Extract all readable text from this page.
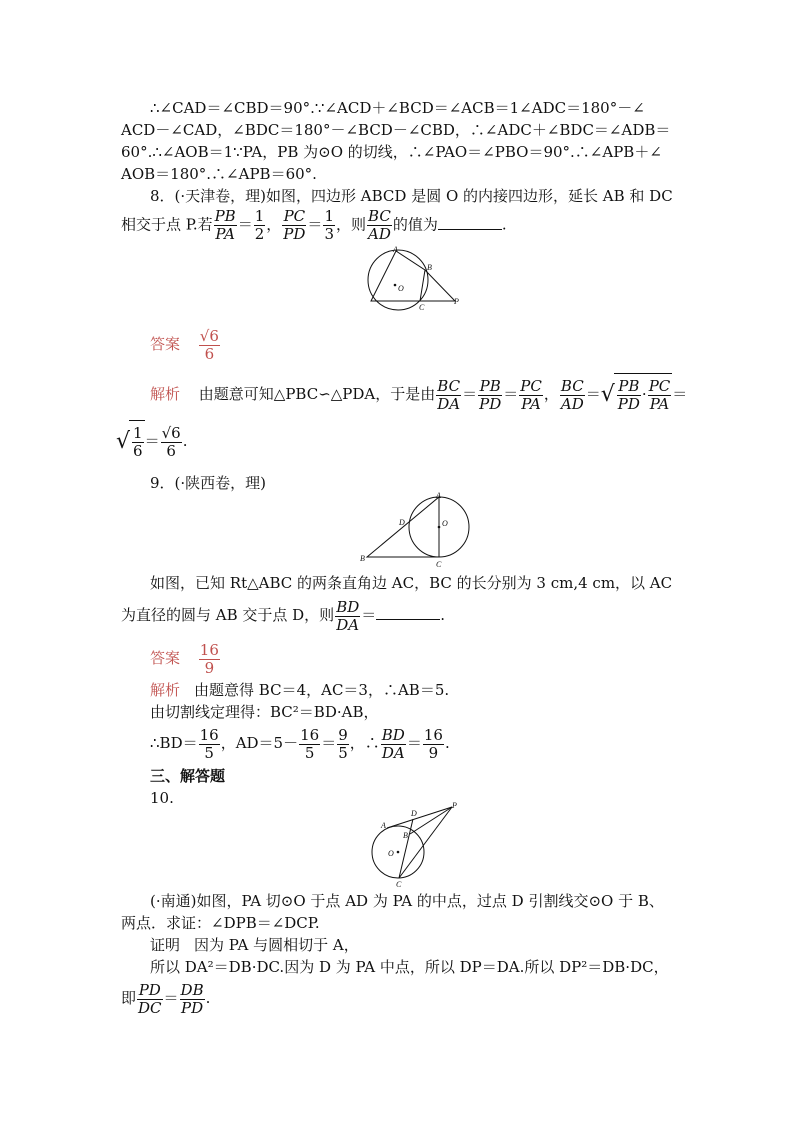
∴∠CAD＝∠CBD＝90°.∵∠ACD＋∠BCD＝∠ACB＝1∠ADC＝180°－∠
ACD－∠CAD，∠BDC＝180°－∠BCD－∠CBD，∴∠ADC＋∠BDC＝∠ADB＝
60°.∴∠AOB＝1∵PA，PB 为⊙O 的切线，∴∠PAO＝∠PBO＝90°.∴∠APB＋∠
AOB＝180°.∴∠APB＝60°.
8．(·天津卷，理)如图，四边形 ABCD 是圆 O 的内接四边形，延长 AB 和 DC
相交于点 P.若 $\frac{PB}{PA} = \frac{1}{2}$ ， $\frac{PC}{PD} = \frac{1}{3}$ ，则 $\frac{BC}{AD}$ 的值为	.
A
B
O
C
P
答案 $\frac{√6}{6}$
解析 由题意可知△PBC∽△PDA，于是由 $\frac{BC}{DA} = \frac{PB}{PD} = \frac{PC}{PA}$ ， $\frac{BC}{AD}$ ＝√ $\frac{PB}{PD} \cdot \frac{PC}{PA}$ ＝
√ $\frac{1}{6} = \frac{√6}{6}$ .
9．(·陕西卷，理)
A
D	O
B
C
如图，已知 Rt△ABC 的两条直角边 AC，BC 的长分别为 3 cm,4 cm，以 AC
为直径的圆与 AB 交于点 D，则 $\frac{BD}{DA}$ ＝	.
答案 $\frac{16}{9}$
解析 由题意得 BC＝4，AC＝3，∴AB＝5.
由切割线定理得：BC²＝BD·AB，
∴BD＝ $\frac{16}{5}$ ，$AD=5- \frac{16}{5} = \frac{9}{5}$ ，∴ $\frac{BD}{DA} = \frac{16}{9}$ .
三、解答题
10.	P
D
A
B
O
C
(·南通)如图，PA 切⊙O 于点 AD 为 PA 的中点，过点 D 引割线交⊙O 于 B、
两点．求证：∠DPB＝∠DCP.
证明 因为 PA 与圆相切于 A，
所以 DA²＝DB·DC.因为 D 为 PA 中点，所以 DP＝DA.所以 DP²＝DB·DC，
即 $\frac{PD}{DC} = \frac{DB}{PD}$ .
